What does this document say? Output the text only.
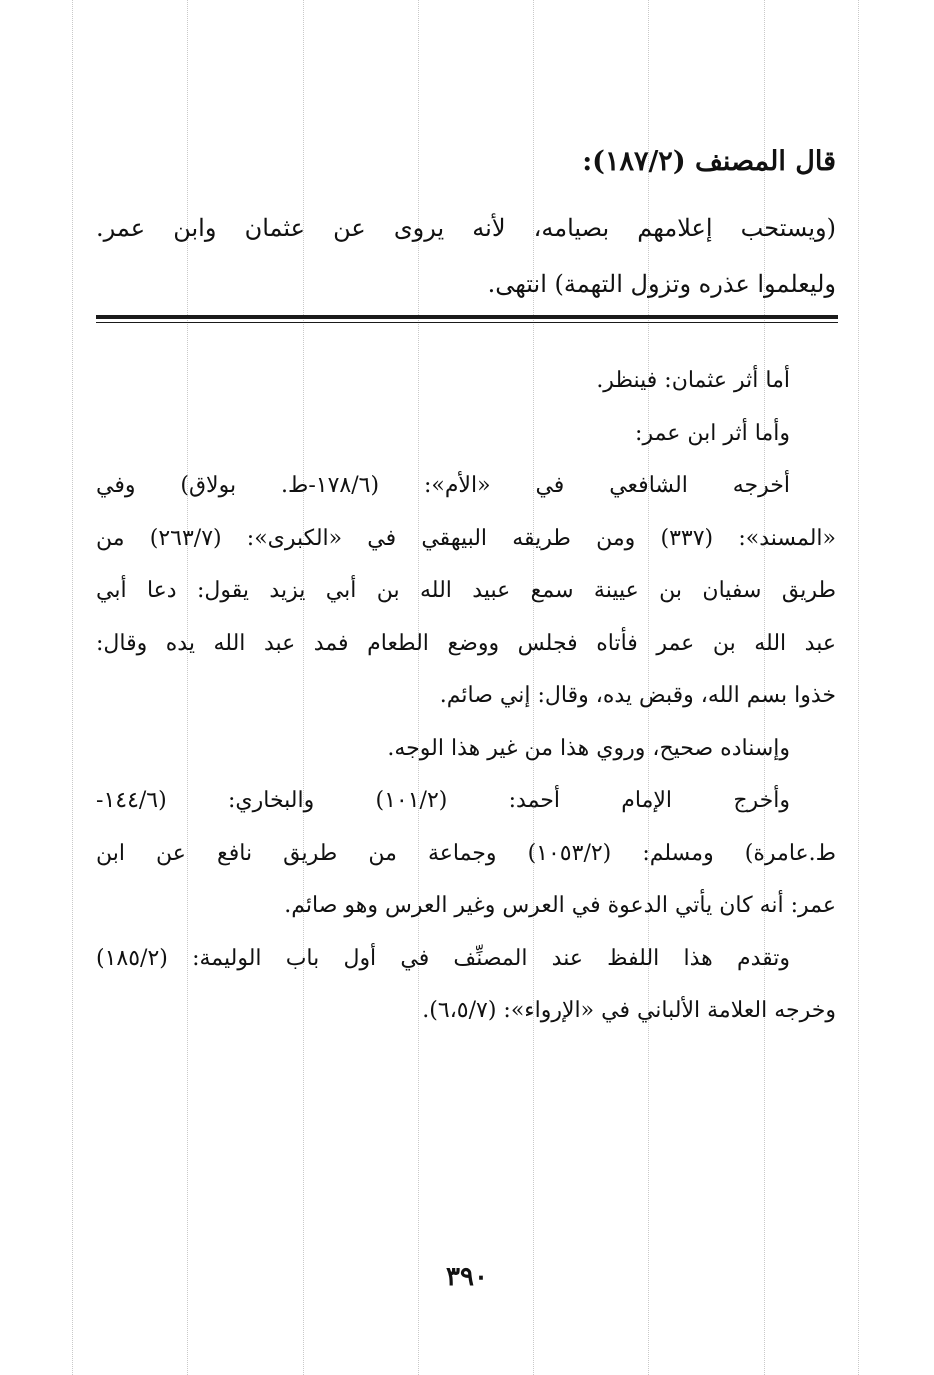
قال المصنف (١٨٧/٢):
(ويستحب إعلامهم بصيامه، لأنه يروى عن عثمان وابن عمر.
وليعلموا عذره وتزول التهمة) انتهى.
أما أثر عثمان: فينظر.
وأما أثر ابن عمر:
أخرجه الشافعي في «الأم»: (١٧٨/٦-ط. بولاق) وفي
«المسند»: (٣٣٧) ومن طريقه البيهقي في «الكبرى»: (٢٦٣/٧) من
طريق سفيان بن عيينة سمع عبيد الله بن أبي يزيد يقول: دعا أبي
عبد الله بن عمر فأتاه فجلس ووضع الطعام فمد عبد الله يده وقال:
خذوا بسم الله، وقبض يده، وقال: إني صائم.
وإسناده صحيح، وروي هذا من غير هذا الوجه.
وأخرج الإمام أحمد: (١٠١/٢) والبخاري: (١٤٤/٦-
ط.عامرة) ومسلم: (١٠٥٣/٢) وجماعة من طريق نافع عن ابن
عمر: أنه كان يأتي الدعوة في العرس وغير العرس وهو صائم.
وتقدم هذا اللفظ عند المصنِّف في أول باب الوليمة: (١٨٥/٢)
وخرجه العلامة الألباني في «الإرواء»: (٦،٥/٧).
٣٩٠
